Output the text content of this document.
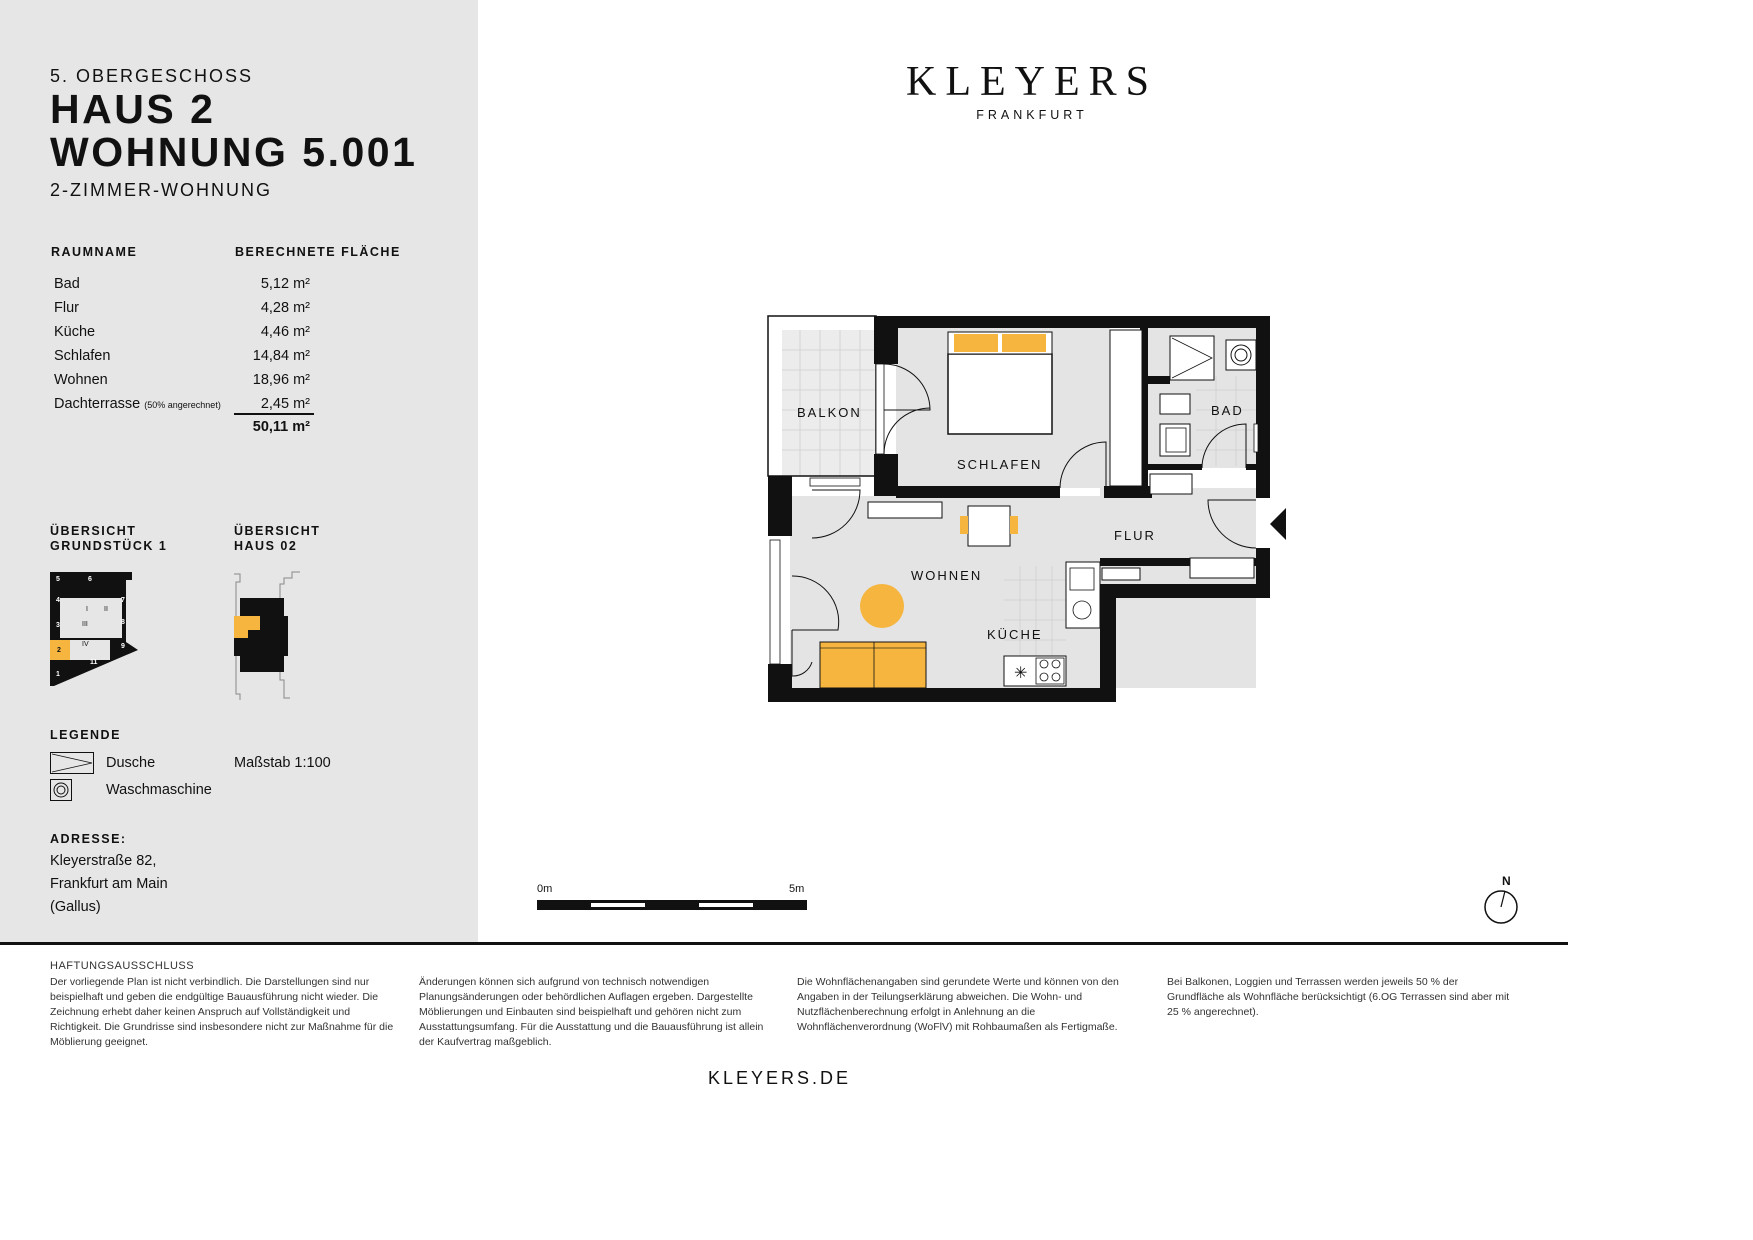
5. OBERGESCHOSS
HAUS 2
WOHNUNG 5.001
2-ZIMMER-WOHNUNG
RAUMNAME	BERECHNETE FLÄCHE
Bad	5,12 m²
Flur	4,28 m²
Küche	4,46 m²
Schlafen	14,84 m²
Wohnen	18,96 m²
Dachterrasse (50% angerechnet)	2,45 m²
50,11 m²
ÜBERSICHT
GRUNDSTÜCK 1
ÜBERSICHT
HAUS 02
5	6
4	7
3	8
2
9
1
11
I II
III
IV
LEGENDE
Dusche
Waschmaschine
Maßstab 1:100
ADRESSE:
Kleyerstraße 82,
Frankfurt am Main
(Gallus)
KLEYERS
FRANKFURT
✳
BALKON
SCHLAFEN
BAD
FLUR
WOHNEN
KÜCHE
0m	5m
N
HAFTUNGSAUSSCHLUSS
Der vorliegende Plan ist nicht verbindlich. Die Darstellungen sind nur beispielhaft und geben die endgültige Bauausführung nicht wieder. Die Zeichnung erhebt daher keinen Anspruch auf Vollständigkeit und Richtigkeit. Die Grundrisse sind insbesondere nicht zur Maßnahme für die Möblierung geeignet.
Änderungen können sich aufgrund von technisch notwendigen Planungsänderungen oder behördlichen Auflagen ergeben. Dargestellte Möblierungen und Einbauten sind beispielhaft und gehören nicht zum Ausstattungsumfang. Für die Ausstattung und die Bauausführung ist allein der Kaufvertrag maßgeblich.
Die Wohnflächenangaben sind gerundete Werte und können von den Angaben in der Teilungserklärung abweichen. Die Wohn- und Nutzflächenberechnung erfolgt in Anlehnung an die Wohnflächenverordnung (WoFlV) mit Rohbaumaßen als Fertigmaße.
Bei Balkonen, Loggien und Terrassen werden jeweils 50 % der Grundfläche als Wohnfläche berücksichtigt (6.OG Terrassen sind aber mit 25 % angerechnet).
KLEYERS.DE
